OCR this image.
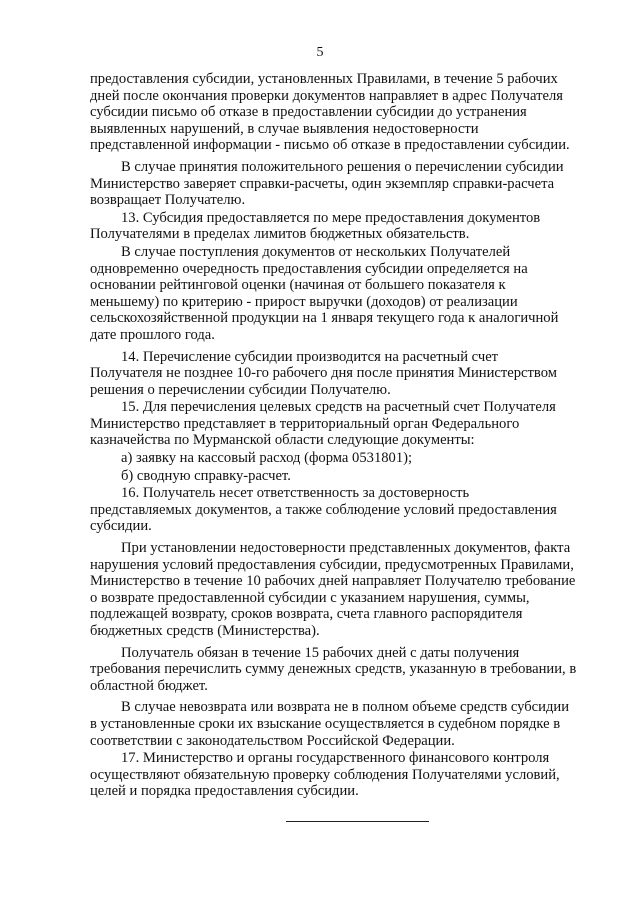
5

предоставления субсидии, установленных Правилами, в течение 5 рабочих
дней после окончания проверки документов направляет в адрес Получателя
субсидии письмо об отказе в предоставлении субсидии до устранения
выявленных нарушений, в случае выявления недостоверности
представленной информации - письмо об отказе в предоставлении субсидии.

В случае принятия положительного решения о перечислении субсидии
Министерство заверяет справки-расчеты, один экземпляр справки-расчета
возвращает Получателю.

13. Субсидия предоставляется по мере предоставления документов
Получателями в пределах лимитов бюджетных обязательств.

В случае поступления документов от нескольких Получателей
одновременно очередность предоставления субсидии определяется на
основании рейтинговой оценки (начиная от большего показателя к
меньшему) по критерию - прирост выручки (доходов) от реализации
сельскохозяйственной продукции на 1 января текущего года к аналогичной
дате прошлого года.

14. Перечисление субсидии производится на расчетный счет
Получателя не позднее 10-го рабочего дня после принятия Министерством
решения о перечислении субсидии Получателю.

15. Для перечисления целевых средств на расчетный счет Получателя
Министерство представляет в территориальный орган Федерального
казначейства по Мурманской области следующие документы:

а) заявку на кассовый расход (форма 0531801);

б) сводную справку-расчет.

16. Получатель несет ответственность за достоверность
представляемых документов, а также соблюдение условий предоставления
субсидии.

При установлении недостоверности представленных документов, факта
нарушения условий предоставления субсидии, предусмотренных Правилами,
Министерство в течение 10 рабочих дней направляет Получателю требование
о возврате предоставленной субсидии с указанием нарушения, суммы,
подлежащей возврату, сроков возврата, счета главного распорядителя
бюджетных средств (Министерства).

Получатель обязан в течение 15 рабочих дней с даты получения
требования перечислить сумму денежных средств, указанную в требовании, в
областной бюджет.

В случае невозврата или возврата не в полном объеме средств субсидии
в установленные сроки их взыскание осуществляется в судебном порядке в
соответствии с законодательством Российской Федерации.

17. Министерство и органы государственного финансового контроля
осуществляют обязательную проверку соблюдения Получателями условий,
целей и порядка предоставления субсидии.
